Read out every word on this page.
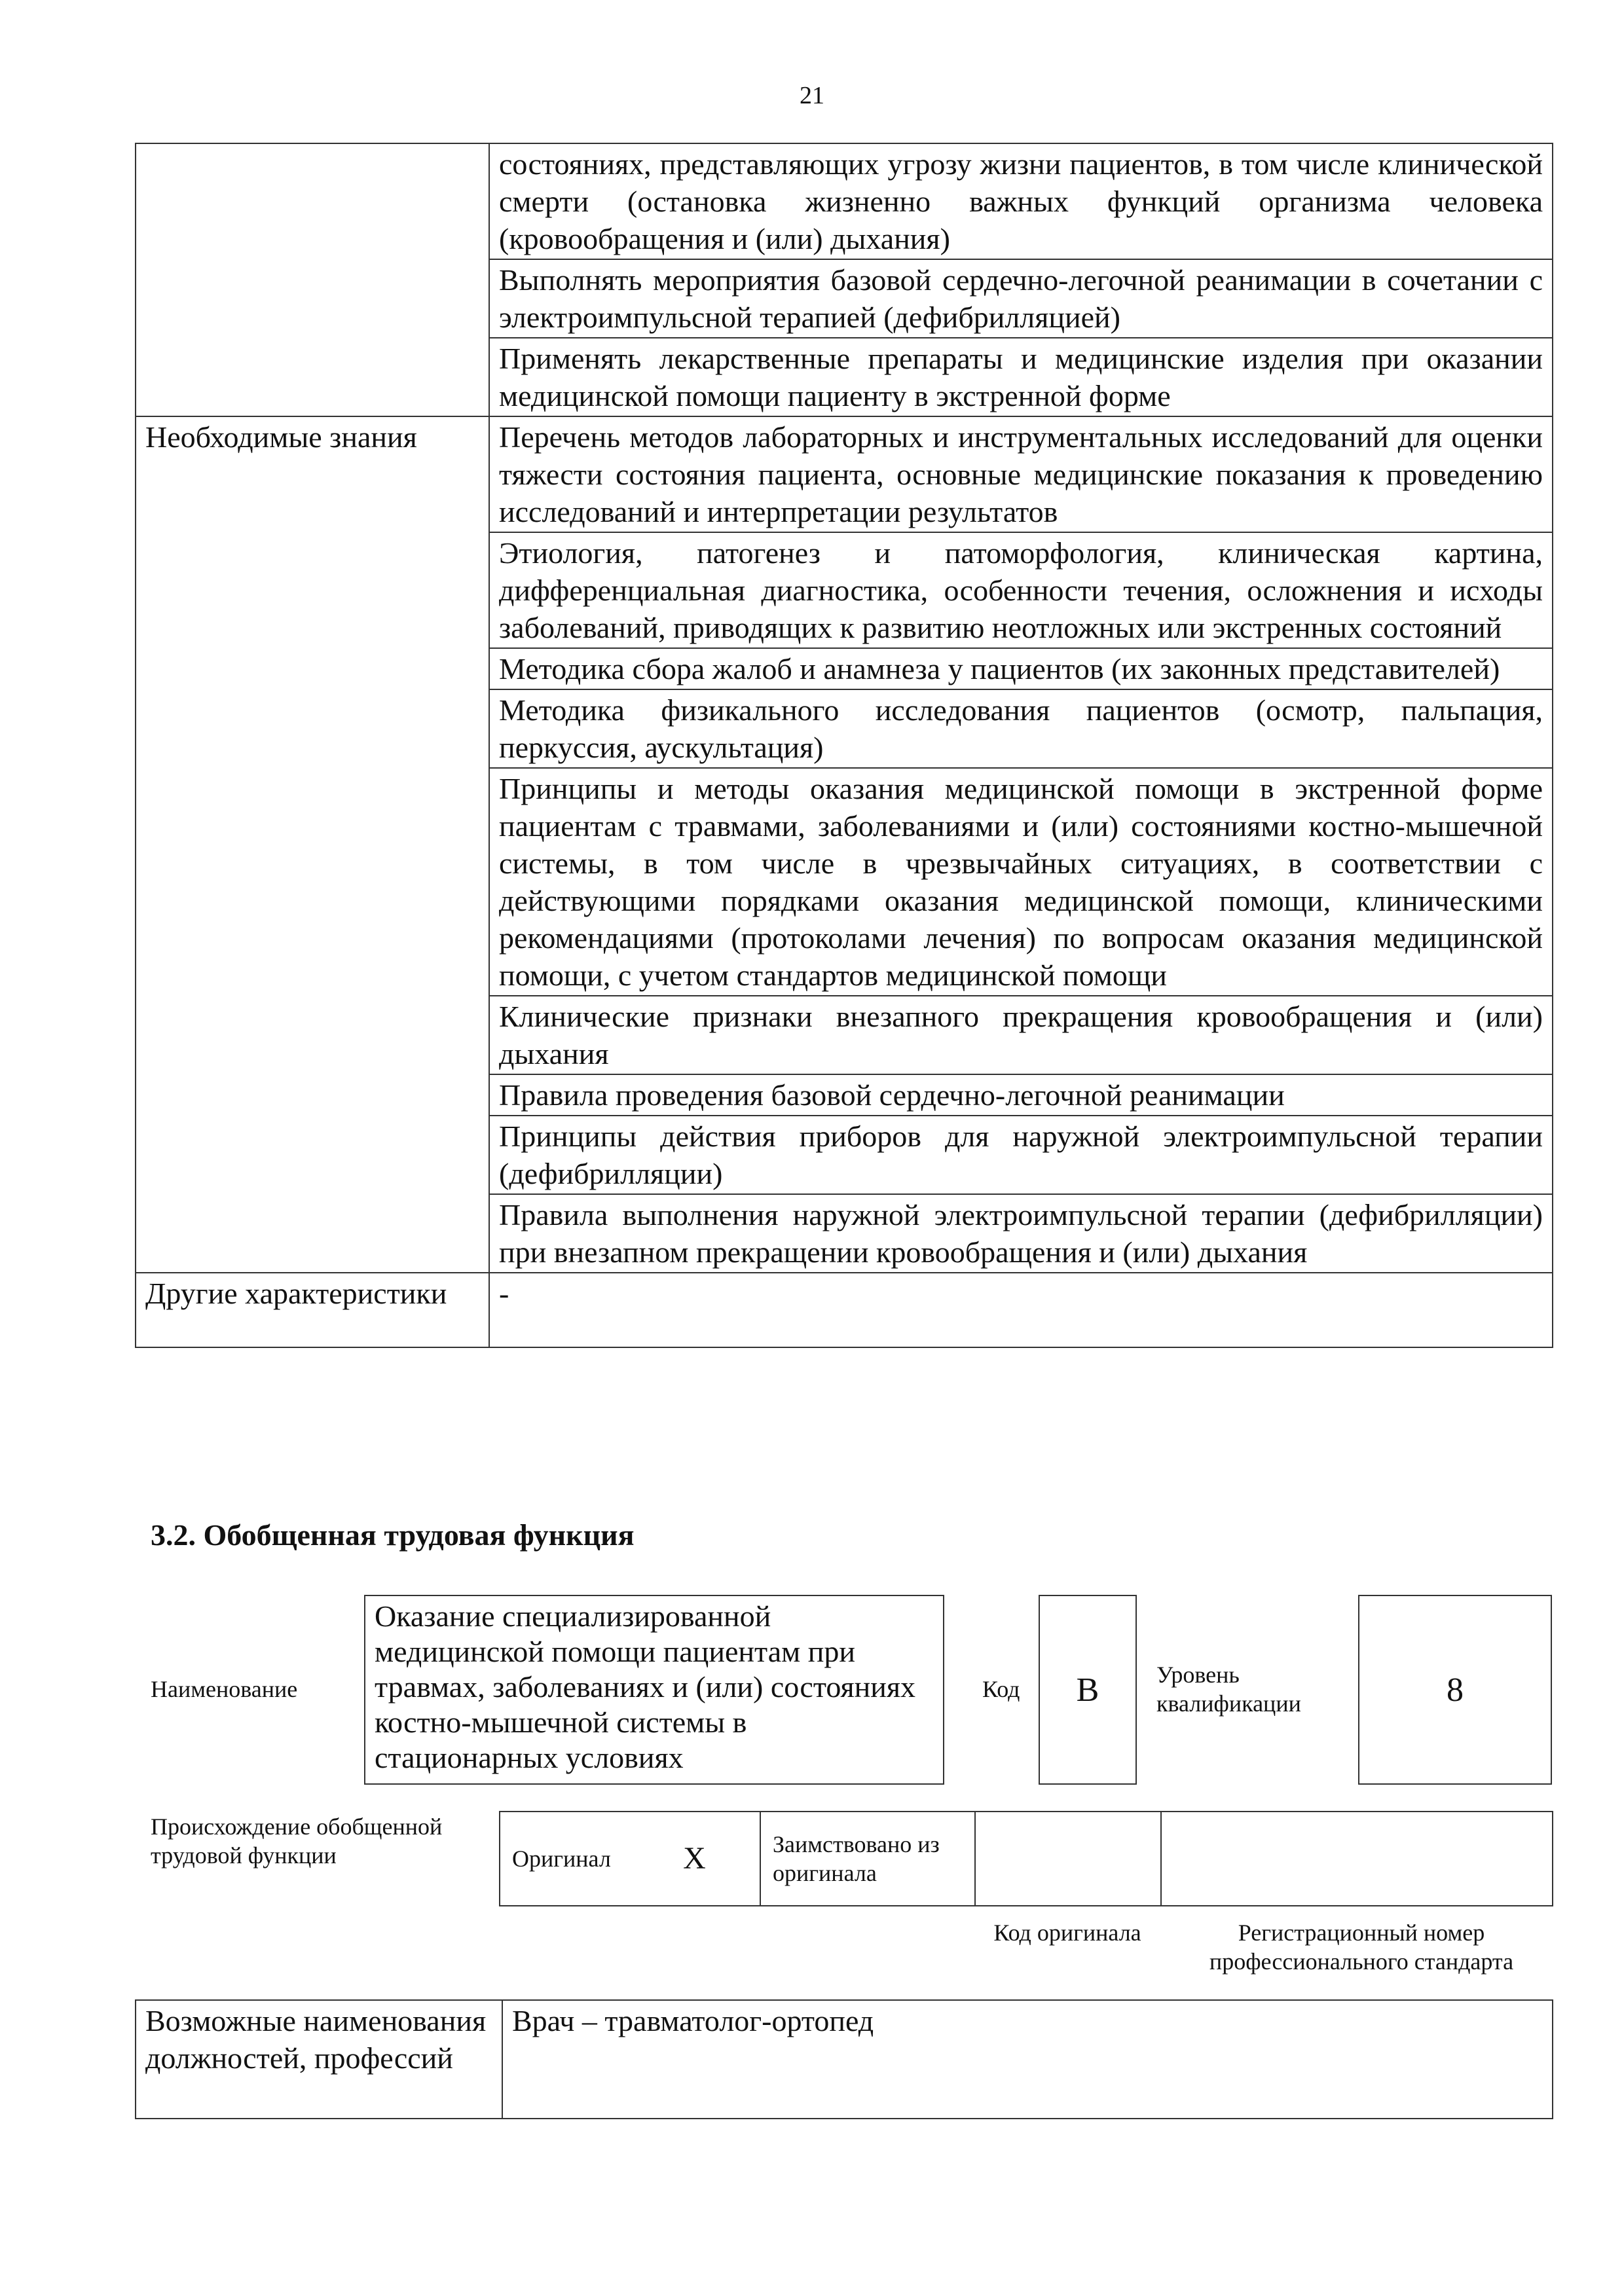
21
	состояниях, представляющих угрозу жизни пациентов, в том числе клинической смерти (остановка жизненно важных функций организма человека (кровообращения и (или) дыхания)
	Выполнять мероприятия базовой сердечно-легочной реанимации в сочетании с электроимпульсной терапией (дефибрилляцией)
	Применять лекарственные препараты и медицинские изделия при оказании медицинской помощи пациенту в экстренной форме
Необходимые знания	Перечень методов лабораторных и инструментальных исследований для оценки тяжести состояния пациента, основные медицинские показания к проведению исследований и интерпретации результатов
	Этиология, патогенез и патоморфология, клиническая картина, дифференциальная диагностика, особенности течения, осложнения и исходы заболеваний, приводящих к развитию неотложных или экстренных состояний
	Методика сбора жалоб и анамнеза у пациентов (их законных представителей)
	Методика физикального исследования пациентов (осмотр, пальпация, перкуссия, аускультация)
	Принципы и методы оказания медицинской помощи в экстренной форме пациентам с травмами, заболеваниями и (или) состояниями костно-мышечной системы, в том числе в чрезвычайных ситуациях, в соответствии с действующими порядками оказания медицинской помощи, клиническими рекомендациями (протоколами лечения) по вопросам оказания медицинской помощи, с учетом стандартов медицинской помощи
	Клинические признаки внезапного прекращения кровообращения и (или) дыхания
	Правила проведения базовой сердечно-легочной реанимации
	Принципы действия приборов для наружной электроимпульсной терапии (дефибрилляции)
	Правила выполнения наружной электроимпульсной терапии (дефибрилляции) при внезапном прекращении кровообращения и (или) дыхания
Другие характеристики	-
3.2. Обобщенная трудовая функция
Наименование
Оказание специализированной медицинской помощи пациентам при травмах, заболеваниях и (или) состояниях костно-мышечной системы в стационарных условиях
Код	B	Уровень квалификации	8
Происхождение обобщенной трудовой функции	Оригинал	X	Заимствовано из оригинала		
Код оригинала	Регистрационный номер профессионального стандарта
Возможные наименования должностей, профессий	Врач – травматолог-ортопед
